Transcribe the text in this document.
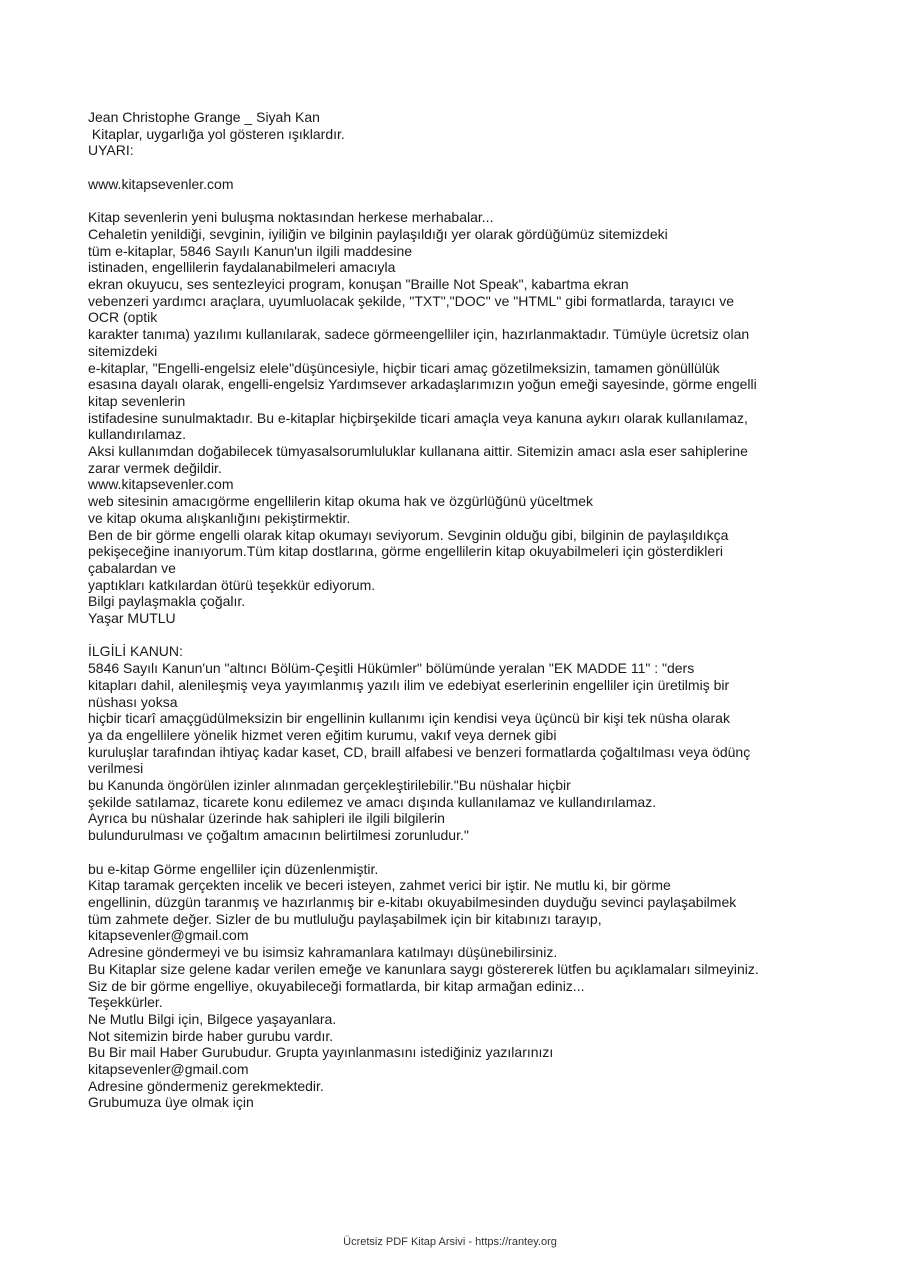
Jean Christophe Grange _ Siyah Kan
Kitaplar, uygarlığa yol gösteren ışıklardır.
UYARI:
www.kitapsevenler.com
Kitap sevenlerin yeni buluşma noktasından herkese merhabalar...
Cehaletin yenildiği, sevginin, iyiliğin ve bilginin paylaşıldığı yer olarak gördüğümüz sitemizdeki
tüm e-kitaplar, 5846 Sayılı Kanun'un ilgili maddesine
istinaden, engellilerin faydalanabilmeleri amacıyla
ekran okuyucu, ses sentezleyici program, konuşan "Braille Not Speak", kabartma ekran
vebenzeri yardımcı araçlara, uyumluolacak şekilde, "TXT","DOC" ve "HTML" gibi formatlarda, tarayıcı ve
OCR (optik
karakter tanıma) yazılımı kullanılarak, sadece görmeengelliler için, hazırlanmaktadır. Tümüyle ücretsiz olan
sitemizdeki
e-kitaplar, "Engelli-engelsiz elele"düşüncesiyle, hiçbir ticari amaç gözetilmeksizin, tamamen gönüllülük
esasına dayalı olarak, engelli-engelsiz Yardımsever arkadaşlarımızın yoğun emeği sayesinde, görme engelli
kitap sevenlerin
istifadesine sunulmaktadır. Bu e-kitaplar hiçbirşekilde ticari amaçla veya kanuna aykırı olarak kullanılamaz,
kullandırılamaz.
Aksi kullanımdan doğabilecek tümyasalsorumluluklar kullanana aittir. Sitemizin amacı asla eser sahiplerine
zarar vermek değildir.
www.kitapsevenler.com
web sitesinin amacıgörme engellilerin kitap okuma hak ve özgürlüğünü yüceltmek
ve kitap okuma alışkanlığını pekiştirmektir.
Ben de bir görme engelli olarak kitap okumayı seviyorum. Sevginin olduğu gibi, bilginin de paylaşıldıkça
pekişeceğine inanıyorum.Tüm kitap dostlarına, görme engellilerin kitap okuyabilmeleri için gösterdikleri
çabalardan ve
yaptıkları katkılardan ötürü teşekkür ediyorum.
Bilgi paylaşmakla çoğalır.
Yaşar MUTLU
İLGİLİ KANUN:
5846 Sayılı Kanun'un "altıncı Bölüm-Çeşitli Hükümler" bölümünde yeralan "EK MADDE 11" : "ders
kitapları dahil, alenileşmiş veya yayımlanmış yazılı ilim ve edebiyat eserlerinin engelliler için üretilmiş bir
nüshası yoksa
hiçbir ticarî amaçgüdülmeksizin bir engellinin kullanımı için kendisi veya üçüncü bir kişi tek nüsha olarak
ya da engellilere yönelik hizmet veren eğitim kurumu, vakıf veya dernek gibi
kuruluşlar tarafından ihtiyaç kadar kaset, CD, braill alfabesi ve benzeri formatlarda çoğaltılması veya ödünç
verilmesi
bu Kanunda öngörülen izinler alınmadan gerçekleştirilebilir."Bu nüshalar hiçbir
şekilde satılamaz, ticarete konu edilemez ve amacı dışında kullanılamaz ve kullandırılamaz.
Ayrıca bu nüshalar üzerinde hak sahipleri ile ilgili bilgilerin
bulundurulması ve çoğaltım amacının belirtilmesi zorunludur."
bu e-kitap Görme engelliler için düzenlenmiştir.
Kitap taramak gerçekten incelik ve beceri isteyen, zahmet verici bir iştir. Ne mutlu ki, bir görme
engellinin, düzgün taranmış ve hazırlanmış bir e-kitabı okuyabilmesinden duyduğu sevinci paylaşabilmek
tüm zahmete değer. Sizler de bu mutluluğu paylaşabilmek için bir kitabınızı tarayıp,
kitapsevenler@gmail.com
Adresine göndermeyi ve bu isimsiz kahramanlara katılmayı düşünebilirsiniz.
Bu Kitaplar size gelene kadar verilen emeğe ve kanunlara saygı göstererek lütfen bu açıklamaları silmeyiniz.
Siz de bir görme engelliye, okuyabileceği formatlarda, bir kitap armağan ediniz...
Teşekkürler.
Ne Mutlu Bilgi için, Bilgece yaşayanlara.
Not sitemizin birde haber gurubu vardır.
Bu Bir mail Haber Gurubudur. Grupta yayınlanmasını istediğiniz yazılarınızı
kitapsevenler@gmail.com
Adresine göndermeniz gerekmektedir.
Grubumuza üye olmak için
Ücretsiz PDF Kitap Arsivi - https://rantey.org
